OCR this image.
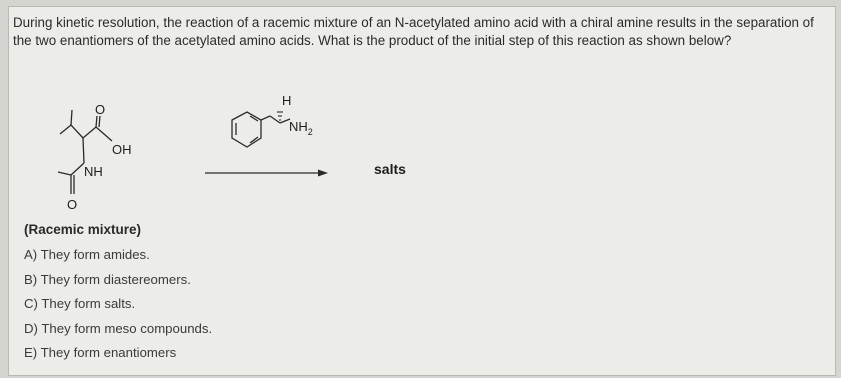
During kinetic resolution, the reaction of a racemic mixture of an N-acetylated amino acid with a chiral amine results in the separation of the two enantiomers of the acetylated amino acids. What is the product of the initial step of this reaction as shown below?
O
OH
NH
O
H
$NH_2$
salts
(Racemic mixture)
A) They form amides.
B) They form diastereomers.
C) They form salts.
D) They form meso compounds.
E) They form enantiomers
